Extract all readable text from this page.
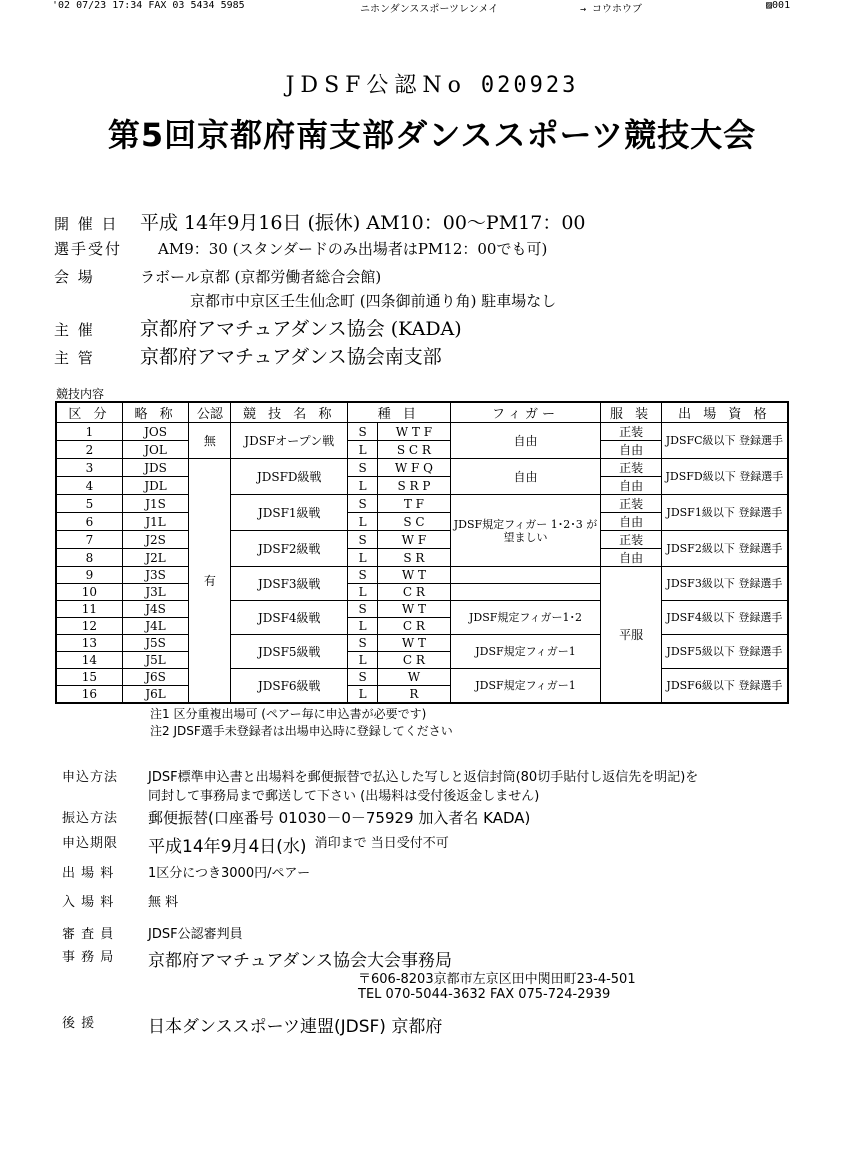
'02 07/23 17:34 FAX 03 5434 5985	ニホンダンススポーツレンメイ	→ コウホウブ	▨001
JDSF公認No 020923
第5回京都府南支部ダンススポーツ競技大会
開 催 日 平成 14年9月16日 (振休) AM10：00～PM17：00
選手受付 AM9：30 (スタンダードのみ出場者はPM12：00でも可)
会 場	ラボール京都 (京都労働者総合会館)
京都市中京区壬生仙念町 (四条御前通り角) 駐車場なし
主 催 京都府アマチュアダンス協会 (KADA)
主 管 京都府アマチュアダンス協会南支部
競技内容
区 分	略 称	公認	競 技 名 称	種 目		フィガー	服 装	出 場 資 格
1	JOS	無	JDSFオープン戦	S	W T F	自由	正装	JDSFC級以下 登録選手
2	JOL			L	S C R		自由	
3	JDS	有	JDSFD級戦	S	W F Q	自由	正装	JDSFD級以下 登録選手
4	JDL			L	S R P		自由	
5	J1S		JDSF1級戦	S	T F	JDSF規定フィガー 1･2･3 が望ましい	正装	JDSF1級以下 登録選手
6	J1L			L	S C		自由	
7	J2S		JDSF2級戦	S	W F		正装	JDSF2級以下 登録選手
8	J2L			L	S R		自由	
9	J3S		JDSF3級戦	S	W T		平服	JDSF3級以下 登録選手
10	J3L			L	C R			
11	J4S		JDSF4級戦	S	W T	JDSF規定フィガー1･2		JDSF4級以下 登録選手
12	J4L			L	C R			
13	J5S		JDSF5級戦	S	W T	JDSF規定フィガー1		JDSF5級以下 登録選手
14	J5L			L	C R			
15	J6S		JDSF6級戦	S	W	JDSF規定フィガー1		JDSF6級以下 登録選手
16	J6L			L	R			
注1 区分重複出場可 (ペアー毎に申込書が必要です)
注2 JDSF選手未登録者は出場申込時に登録してください
申込方法 JDSF標準申込書と出場料を郵便振替で払込した写しと返信封筒(80切手貼付し返信先を明記)を
同封して事務局まで郵送して下さい (出場料は受付後返金しません)
振込方法 郵便振替(口座番号 01030－0－75929 加入者名 KADA)
申込期限 平成14年9月4日(水) 消印まで 当日受付不可
出 場 料	1区分につき3000円/ペアー
入 場 料	無 料
審 査 員	JDSF公認審判員
事 務 局 京都府アマチュアダンス協会大会事務局
〒606-8203京都市左京区田中関田町23-4-501
TEL 070-5044-3632 FAX 075-724-2939
後 援	日本ダンススポーツ連盟(JDSF) 京都府
